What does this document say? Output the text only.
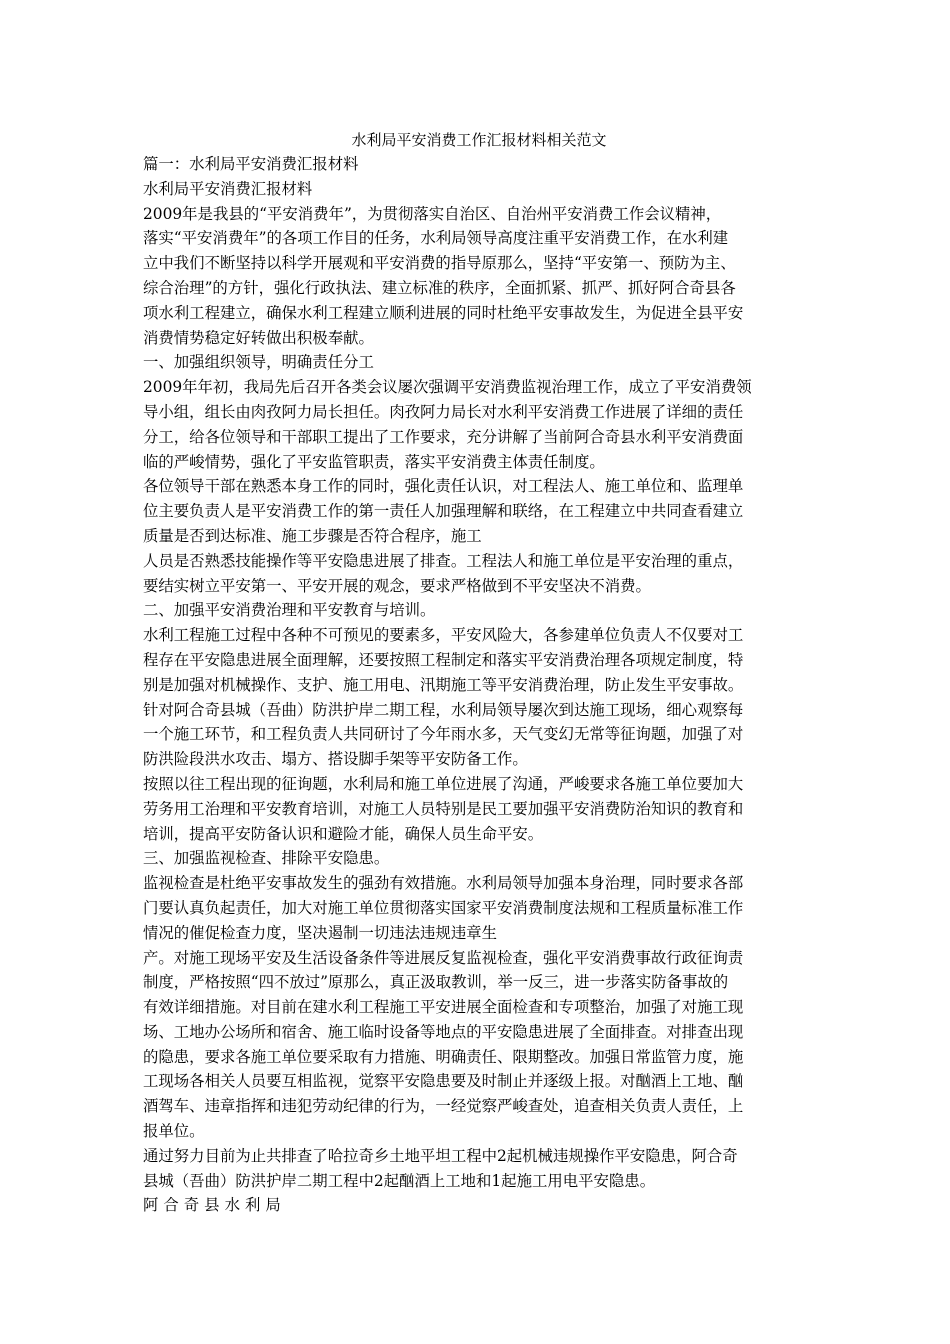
水利局平安消费工作汇报材料相关范文

篇一：水利局平安消费汇报材料

水利局平安消费汇报材料

2009年是我县的“平安消费年”，为贯彻落实自治区、自治州平安消费工作会议精神，

落实“平安消费年”的各项工作目的任务，水利局领导高度注重平安消费工作，在水利建

立中我们不断坚持以科学开展观和平安消费的指导原那么，坚持“平安第一、预防为主、

综合治理”的方针，强化行政执法、建立标准的秩序，全面抓紧、抓严、抓好阿合奇县各

项水利工程建立，确保水利工程建立顺利进展的同时杜绝平安事故发生，为促进全县平安

消费情势稳定好转做出积极奉献。

一、加强组织领导，明确责任分工

2009年年初，我局先后召开各类会议屡次强调平安消费监视治理工作，成立了平安消费领

导小组，组长由肉孜阿力局长担任。肉孜阿力局长对水利平安消费工作进展了详细的责任

分工，给各位领导和干部职工提出了工作要求，充分讲解了当前阿合奇县水利平安消费面

临的严峻情势，强化了平安监管职责，落实平安消费主体责任制度。

各位领导干部在熟悉本身工作的同时，强化责任认识，对工程法人、施工单位和、监理单

位主要负责人是平安消费工作的第一责任人加强理解和联络，在工程建立中共同查看建立

质量是否到达标准、施工步骤是否符合程序，施工

人员是否熟悉技能操作等平安隐患进展了排查。工程法人和施工单位是平安治理的重点，

要结实树立平安第一、平安开展的观念，要求严格做到不平安坚决不消费。

二、加强平安消费治理和平安教育与培训。

水利工程施工过程中各种不可预见的要素多，平安风险大，各参建单位负责人不仅要对工

程存在平安隐患进展全面理解，还要按照工程制定和落实平安消费治理各项规定制度，特

别是加强对机械操作、支护、施工用电、汛期施工等平安消费治理，防止发生平安事故。

针对阿合奇县城（吾曲）防洪护岸二期工程，水利局领导屡次到达施工现场，细心观察每

一个施工环节，和工程负责人共同研讨了今年雨水多，天气变幻无常等征询题，加强了对

防洪险段洪水攻击、塌方、搭设脚手架等平安防备工作。

按照以往工程出现的征询题，水利局和施工单位进展了沟通，严峻要求各施工单位要加大

劳务用工治理和平安教育培训，对施工人员特别是民工要加强平安消费防治知识的教育和

培训，提高平安防备认识和避险才能，确保人员生命平安。

三、加强监视检查、排除平安隐患。

监视检查是杜绝平安事故发生的强劲有效措施。水利局领导加强本身治理，同时要求各部

门要认真负起责任，加大对施工单位贯彻落实国家平安消费制度法规和工程质量标准工作

情况的催促检查力度，坚决遏制一切违法违规违章生

产。对施工现场平安及生活设备条件等进展反复监视检查，强化平安消费事故行政征询责

制度，严格按照“四不放过”原那么，真正汲取教训，举一反三，进一步落实防备事故的

有效详细措施。对目前在建水利工程施工平安进展全面检查和专项整治，加强了对施工现

场、工地办公场所和宿舍、施工临时设备等地点的平安隐患进展了全面排查。对排查出现

的隐患，要求各施工单位要采取有力措施、明确责任、限期整改。加强日常监管力度，施

工现场各相关人员要互相监视，觉察平安隐患要及时制止并逐级上报。对酗酒上工地、酗

酒驾车、违章指挥和违犯劳动纪律的行为，一经觉察严峻查处，追查相关负责人责任，上

报单位。

通过努力目前为止共排查了哈拉奇乡土地平坦工程中2起机械违规操作平安隐患，阿合奇

县城（吾曲）防洪护岸二期工程中2起酗酒上工地和1起施工用电平安隐患。

阿合奇县水利局
